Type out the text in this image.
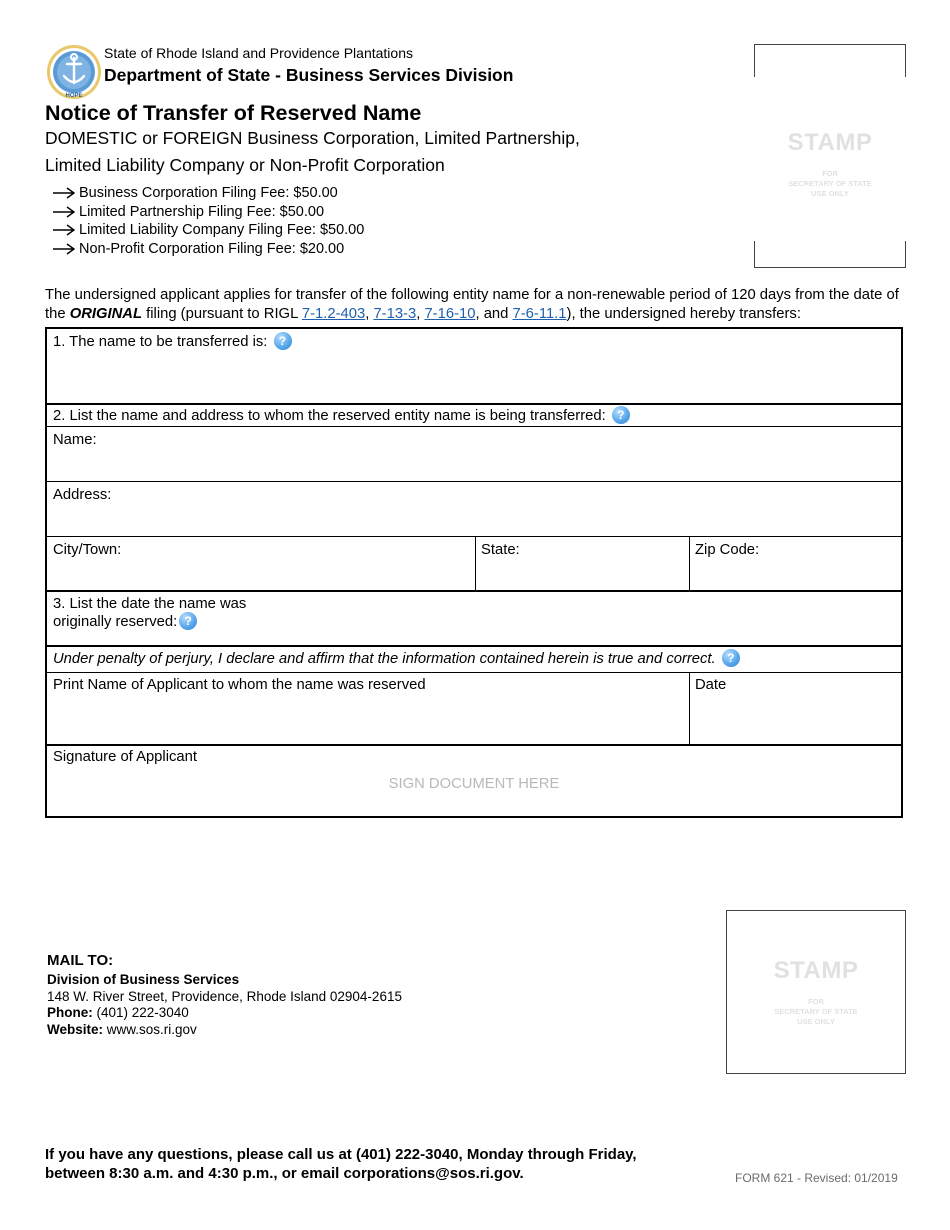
HOPE
State of Rhode Island and Providence Plantations
Department of State - Business Services Division
Notice of Transfer of Reserved Name
DOMESTIC or FOREIGN Business Corporation, Limited Partnership,
Limited Liability Company or Non-Profit Corporation
Business Corporation Filing Fee: $50.00
Limited Partnership Filing Fee: $50.00
Limited Liability Company Filing Fee: $50.00
Non-Profit Corporation Filing Fee: $20.00
STAMP
FOR
SECRETARY OF STATE
USE ONLY
The undersigned applicant applies for transfer of the following entity name for a non-renewable period of 120 days from the date of the ORIGINAL filing (pursuant to RIGL 7-1.2-403, 7-13-3, 7-16-10, and 7-6-11.1), the undersigned hereby transfers:
1. The name to be transferred is: ?
2. List the name and address to whom the reserved entity name is being transferred: ?
Name:
Address:
City/Town:	State:	Zip Code:
3. List the date the name was
originally reserved: ?
Under penalty of perjury, I declare and affirm that the information contained herein is true and correct. ?
Print Name of Applicant to whom the name was reserved	Date
Signature of Applicant
SIGN DOCUMENT HERE
MAIL TO:
Division of Business Services
148 W. River Street, Providence, Rhode Island 02904-2615
Phone: (401) 222-3040
Website: www.sos.ri.gov
STAMP
FOR
SECRETARY OF STATE
USE ONLY
If you have any questions, please call us at (401) 222-3040, Monday through Friday,
between 8:30 a.m. and 4:30 p.m., or email corporations@sos.ri.gov.	FORM 621 - Revised: 01/2019
